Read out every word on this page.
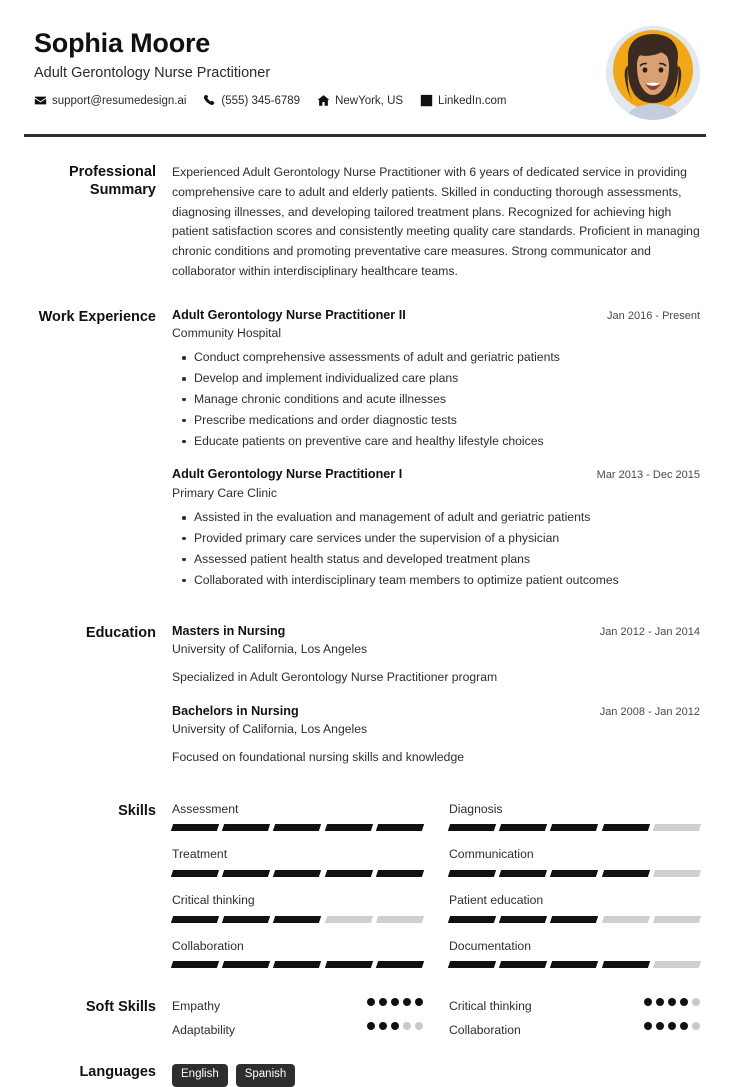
Sophia Moore
Adult Gerontology Nurse Practitioner
support@resumedesign.ai	(555) 345-6789	NewYork, US	LinkedIn.com
Professional Summary
Experienced Adult Gerontology Nurse Practitioner with 6 years of dedicated service in providing comprehensive care to adult and elderly patients. Skilled in conducting thorough assessments, diagnosing illnesses, and developing tailored treatment plans. Recognized for achieving high patient satisfaction scores and consistently meeting quality care standards. Proficient in managing chronic conditions and promoting preventative care measures. Strong communicator and collaborator within interdisciplinary healthcare teams.
Work Experience	Adult Gerontology Nurse Practitioner II	Jan 2016 - Present
Community Hospital
Conduct comprehensive assessments of adult and geriatric patients
Develop and implement individualized care plans
Manage chronic conditions and acute illnesses
Prescribe medications and order diagnostic tests
Educate patients on preventive care and healthy lifestyle choices
Adult Gerontology Nurse Practitioner I	Mar 2013 - Dec 2015
Primary Care Clinic
Assisted in the evaluation and management of adult and geriatric patients
Provided primary care services under the supervision of a physician
Assessed patient health status and developed treatment plans
Collaborated with interdisciplinary team members to optimize patient outcomes
Education	Masters in Nursing	Jan 2012 - Jan 2014
University of California, Los Angeles
Specialized in Adult Gerontology Nurse Practitioner program
Bachelors in Nursing	Jan 2008 - Jan 2012
University of California, Los Angeles
Focused on foundational nursing skills and knowledge
Skills	Assessment	Diagnosis
Treatment	Communication
Critical thinking	Patient education
Collaboration	Documentation
Soft Skills	Empathy	Critical thinking
Adaptability	Collaboration
Languages	English	Spanish
